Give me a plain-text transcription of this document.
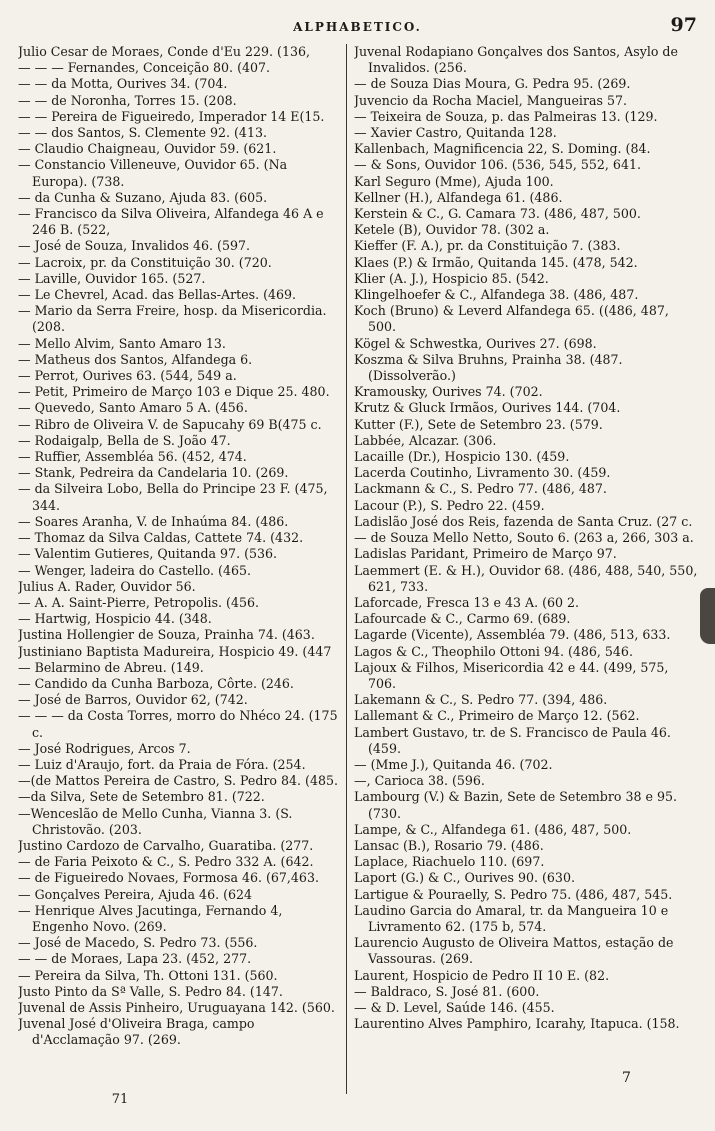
ALPHABETICO.	97
Julio Cesar de Moraes, Conde d'Eu 229. (136,
— — — Fernandes, Conceição 80. (407.
— — da Motta, Ourives 34. (704.
— — de Noronha, Torres 15. (208.
— — Pereira de Figueiredo, Imperador 14 E(15.
— — dos Santos, S. Clemente 92. (413.
— Claudio Chaigneau, Ouvidor 59. (621.
— Constancio Villeneuve, Ouvidor 65. (Na Europa). (738.
— da Cunha & Suzano, Ajuda 83. (605.
— Francisco da Silva Oliveira, Alfandega 46 A e 246 B. (522,
— José de Souza, Invalidos 46. (597.
— Lacroix, pr. da Constituição 30. (720.
— Laville, Ouvidor 165. (527.
— Le Chevrel, Acad. das Bellas-Artes. (469.
— Mario da Serra Freire, hosp. da Misericordia. (208.
— Mello Alvim, Santo Amaro 13.
— Matheus dos Santos, Alfandega 6.
— Perrot, Ourives 63. (544, 549 a.
— Petit, Primeiro de Março 103 e Dique 25. 480.
— Quevedo, Santo Amaro 5 A. (456.
— Ribro de Oliveira V. de Sapucahy 69 B(475 c.
— Rodaigalp, Bella de S. João 47.
— Ruffier, Assembléa 56. (452, 474.
— Stank, Pedreira da Candelaria 10. (269.
— da Silveira Lobo, Bella do Principe 23 F. (475, 344.
— Soares Aranha, V. de Inhaúma 84. (486.
— Thomaz da Silva Caldas, Cattete 74. (432.
— Valentim Gutieres, Quitanda 97. (536.
— Wenger, ladeira do Castello. (465.
Julius A. Rader, Ouvidor 56.
— A. A. Saint-Pierre, Petropolis. (456.
— Hartwig, Hospicio 44. (348.
Justina Hollengier de Souza, Prainha 74. (463.
Justiniano Baptista Madureira, Hospicio 49. (447
— Belarmino de Abreu. (149.
— Candido da Cunha Barboza, Côrte. (246.
— José de Barros, Ouvidor 62, (742.
— — — da Costa Torres, morro do Nhéco 24. (175 c.
— José Rodrigues, Arcos 7.
— Luiz d'Araujo, fort. da Praia de Fóra. (254.
—(de Mattos Pereira de Castro, S. Pedro 84. (485.
—da Silva, Sete de Setembro 81. (722.
—Wenceslão de Mello Cunha, Vianna 3. (S. Christovão. (203.
Justino Cardozo de Carvalho, Guaratiba. (277.
— de Faria Peixoto & C., S. Pedro 332 A. (642.
— de Figueiredo Novaes, Formosa 46. (67,463.
— Gonçalves Pereira, Ajuda 46. (624
— Henrique Alves Jacutinga, Fernando 4, Engenho Novo. (269.
— José de Macedo, S. Pedro 73. (556.
— — de Moraes, Lapa 23. (452, 277.
— Pereira da Silva, Th. Ottoni 131. (560.
Justo Pinto da Sª Valle, S. Pedro 84. (147.
Juvenal de Assis Pinheiro, Uruguayana 142. (560.
Juvenal José d'Oliveira Braga, campo d'Acclamação 97. (269.
Juvenal Rodapiano Gonçalves dos Santos, Asylo de Invalidos. (256.
— de Souza Dias Moura, G. Pedra 95. (269.
Juvencio da Rocha Maciel, Mangueiras 57.
— Teixeira de Souza, p. das Palmeiras 13. (129.
— Xavier Castro, Quitanda 128.
Kallenbach, Magnificencia 22, S. Doming. (84.
— & Sons, Ouvidor 106. (536, 545, 552, 641.
Karl Seguro (Mme), Ajuda 100.
Kellner (H.), Alfandega 61. (486.
Kerstein & C., G. Camara 73. (486, 487, 500.
Ketele (B), Ouvidor 78. (302 a.
Kieffer (F. A.), pr. da Constituição 7. (383.
Klaes (P.) & Irmão, Quitanda 145. (478, 542.
Klier (A. J.), Hospicio 85. (542.
Klingelhoefer & C., Alfandega 38. (486, 487.
Koch (Bruno) & Leverd Alfandega 65. ((486, 487, 500.
Kögel & Schwestka, Ourives 27. (698.
Koszma & Silva Bruhns, Prainha 38. (487. (Dissolverão.)
Kramousky, Ourives 74. (702.
Krutz & Gluck Irmãos, Ourives 144. (704.
Kutter (F.), Sete de Setembro 23. (579.
Labbée, Alcazar. (306.
Lacaille (Dr.), Hospicio 130. (459.
Lacerda Coutinho, Livramento 30. (459.
Lackmann & C., S. Pedro 77. (486, 487.
Lacour (P.), S. Pedro 22. (459.
Ladislão José dos Reis, fazenda de Santa Cruz. (27 c.
— de Souza Mello Netto, Souto 6. (263 a, 266, 303 a.
Ladislas Paridant, Primeiro de Março 97.
Laemmert (E. & H.), Ouvidor 68. (486, 488, 540, 550, 621, 733.
Laforcade, Fresca 13 e 43 A. (60 2.
Lafourcade & C., Carmo 69. (689.
Lagarde (Vicente), Assembléa 79. (486, 513, 633.
Lagos & C., Theophilo Ottoni 94. (486, 546.
Lajoux & Filhos, Misericordia 42 e 44. (499, 575, 706.
Lakemann & C., S. Pedro 77. (394, 486.
Lallemant & C., Primeiro de Março 12. (562.
Lambert Gustavo, tr. de S. Francisco de Paula 46. (459.
— (Mme J.), Quitanda 46. (702.
—, Carioca 38. (596.
Lambourg (V.) & Bazin, Sete de Setembro 38 e 95. (730.
Lampe, & C., Alfandega 61. (486, 487, 500.
Lansac (B.), Rosario 79. (486.
Laplace, Riachuelo 110. (697.
Laport (G.) & C., Ourives 90. (630.
Lartigue & Pouraelly, S. Pedro 75. (486, 487, 545.
Laudino Garcia do Amaral, tr. da Mangueira 10 e Livramento 62. (175 b, 574.
Laurencio Augusto de Oliveira Mattos, estação de Vassouras. (269.
Laurent, Hospicio de Pedro II 10 E. (82.
— Baldraco, S. José 81. (600.
— & D. Level, Saúde 146. (455.
Laurentino Alves Pamphiro, Icarahy, Itapuca. (158.
71
7
